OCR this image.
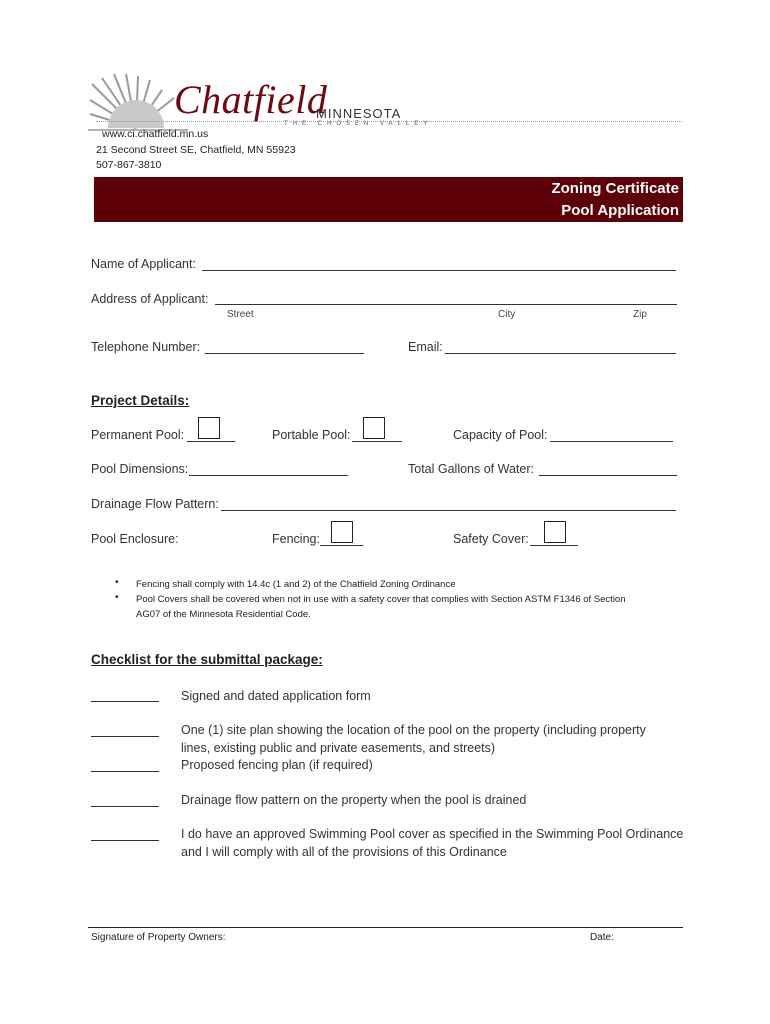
Chatfield
MINNESOTA
THE CHOSEN VALLEY
www.ci.chatfield.mn.us
21 Second Street SE, Chatfield, MN 55923
507-867-3810
Zoning Certificate
Pool Application
Name of Applicant:
Address of Applicant:
Street	City	Zip
Telephone Number:	Email:
Project Details:
Permanent Pool:	Portable Pool:	Capacity of Pool:
Pool Dimensions:	Total Gallons of Water:
Drainage Flow Pattern:
Pool Enclosure:	Fencing:	Safety Cover:
• Fencing shall comply with 14.4c (1 and 2) of the Chatfield Zoning Ordinance
• Pool Covers shall be covered when not in use with a safety cover that complies with Section ASTM F1346 of Section
AG07 of the Minnesota Residential Code.
Checklist for the submittal package:
Signed and dated application form
One (1) site plan showing the location of the pool on the property (including property
lines, existing public and private easements, and streets)
Proposed fencing plan (if required)
Drainage flow pattern on the property when the pool is drained
I do have an approved Swimming Pool cover as specified in the Swimming Pool Ordinance
and I will comply with all of the provisions of this Ordinance
Signature of Property Owners:	Date:
